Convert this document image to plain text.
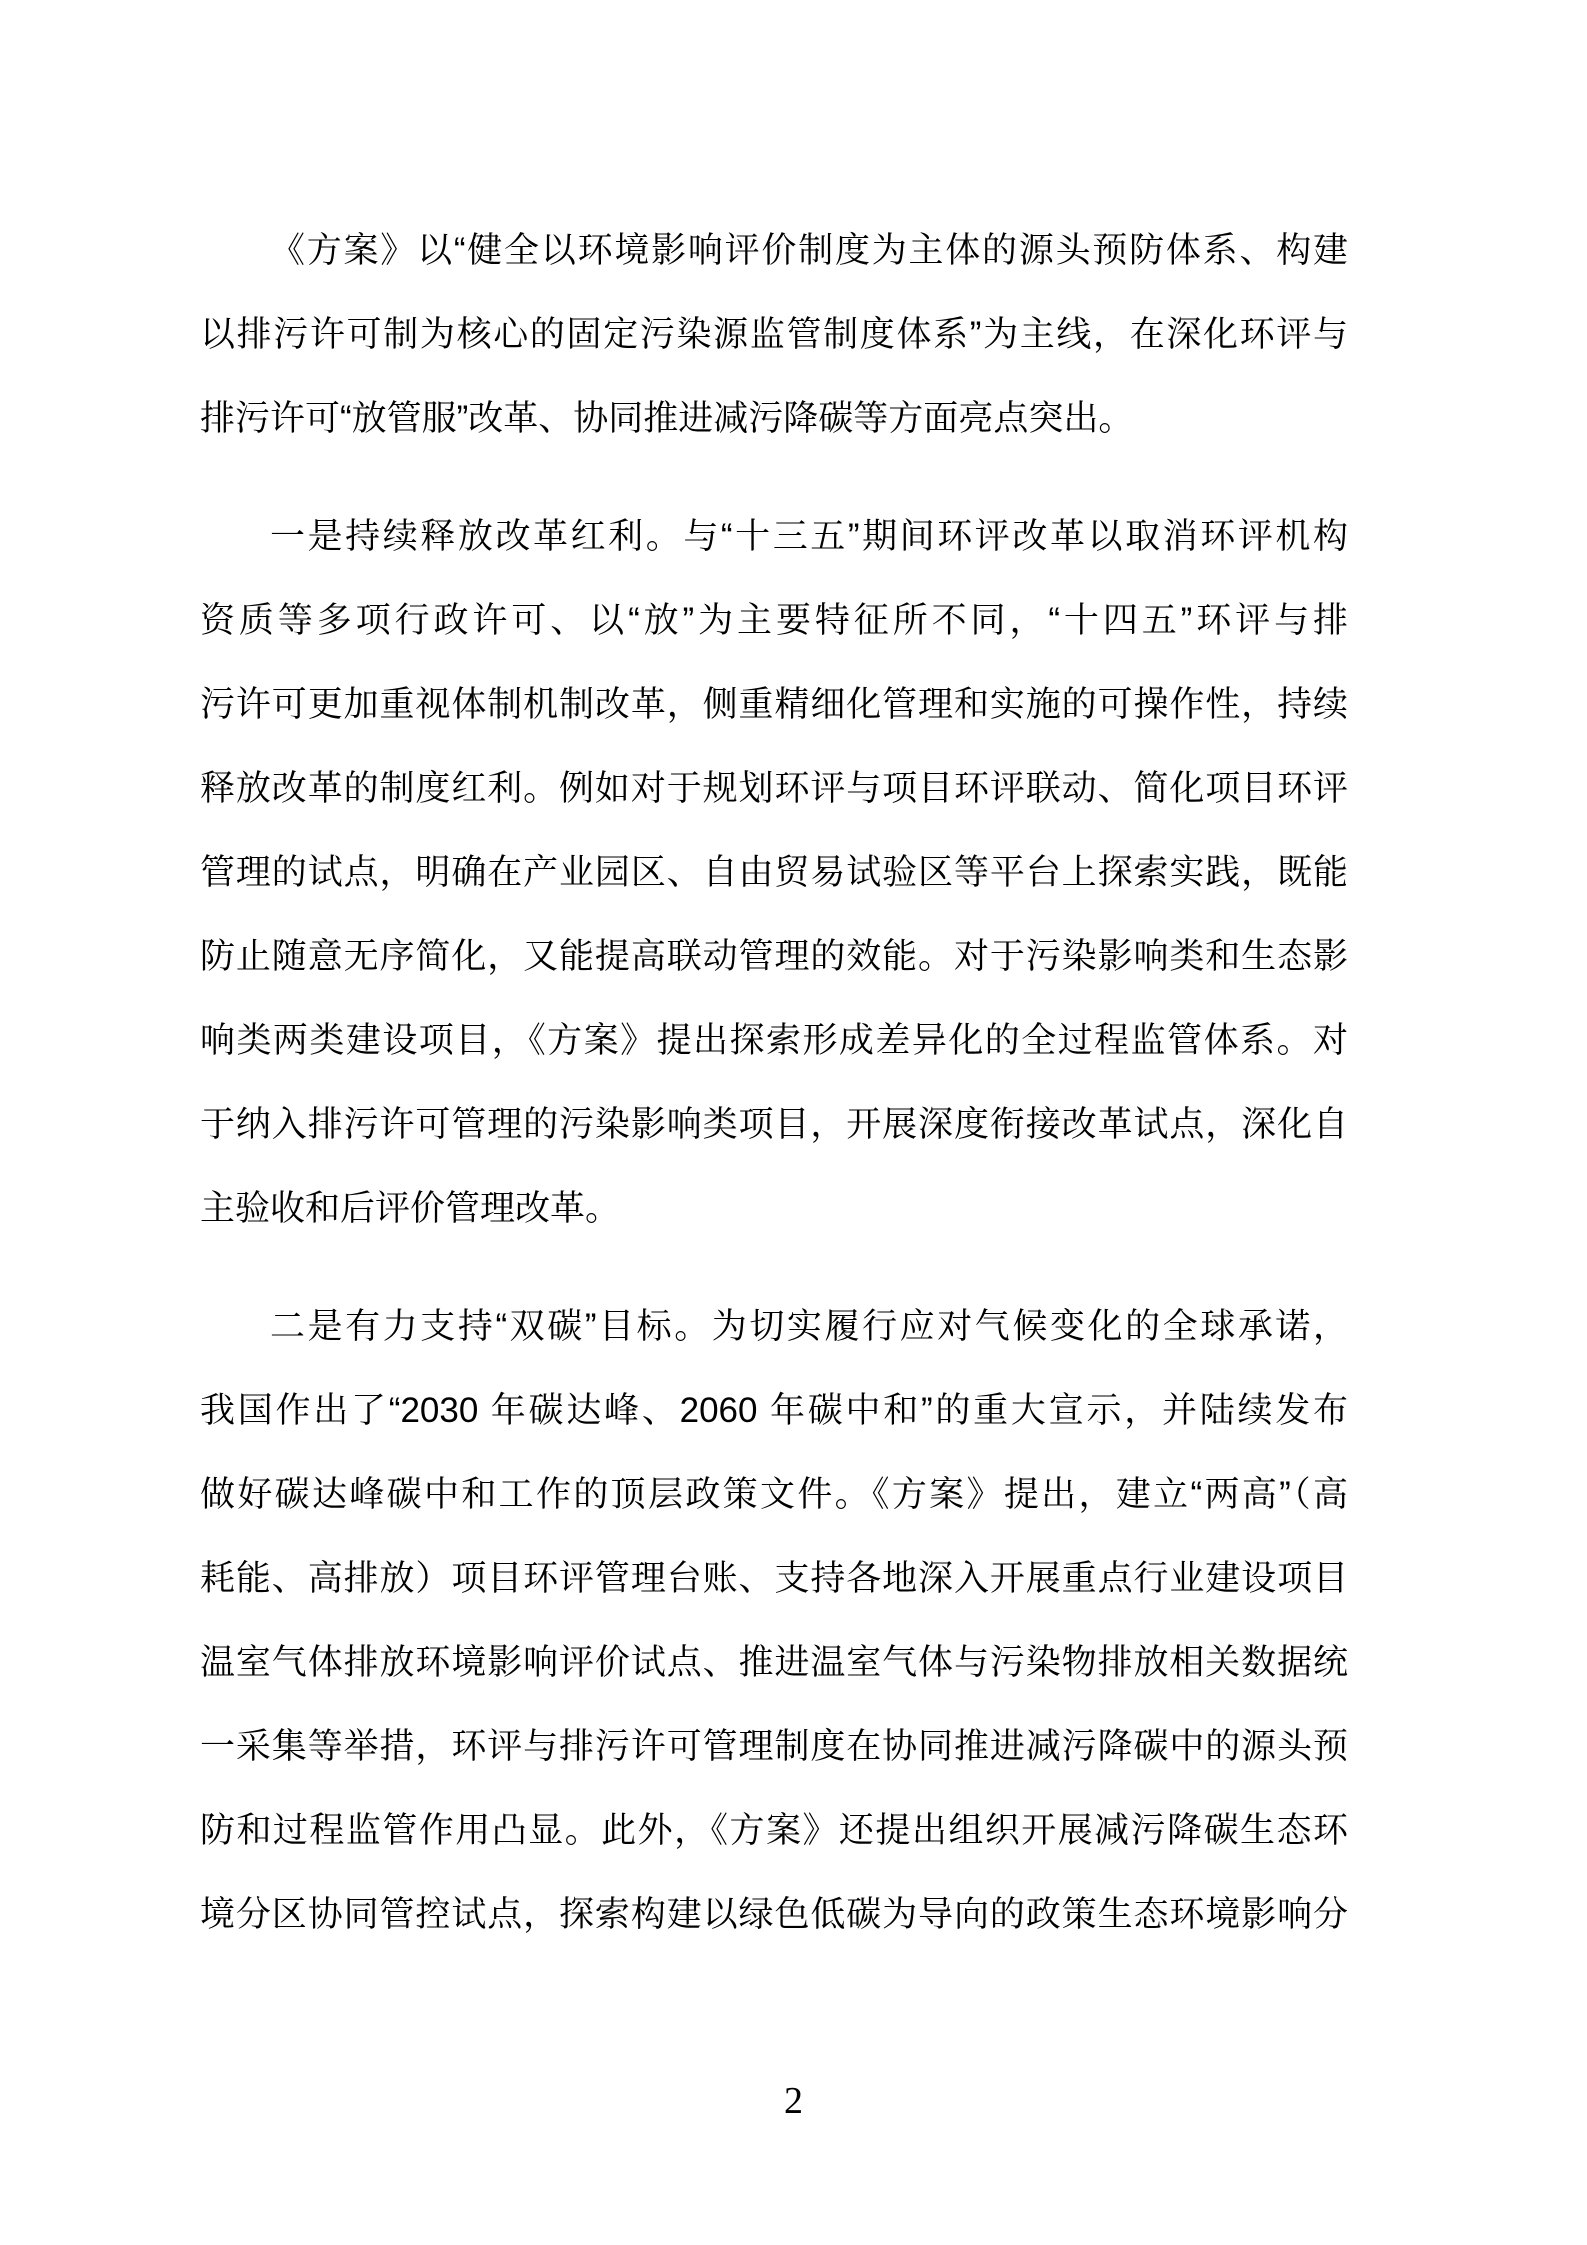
《方案》以“健全以环境影响评价制度为主体的源头预防体系、构建
以排污许可制为核心的固定污染源监管制度体系”为主线，在深化环评与
排污许可“放管服”改革、协同推进减污降碳等方面亮点突出。

一是持续释放改革红利。与“十三五”期间环评改革以取消环评机构
资质等多项行政许可、以“放”为主要特征所不同，“十四五”环评与排
污许可更加重视体制机制改革，侧重精细化管理和实施的可操作性，持续
释放改革的制度红利。例如对于规划环评与项目环评联动、简化项目环评
管理的试点，明确在产业园区、自由贸易试验区等平台上探索实践，既能
防止随意无序简化，又能提高联动管理的效能。对于污染影响类和生态影
响类两类建设项目，《方案》提出探索形成差异化的全过程监管体系。对
于纳入排污许可管理的污染影响类项目，开展深度衔接改革试点，深化自
主验收和后评价管理改革。

二是有力支持“双碳”目标。为切实履行应对气候变化的全球承诺，
我国作出了“2030 年碳达峰、2060 年碳中和”的重大宣示，并陆续发布
做好碳达峰碳中和工作的顶层政策文件。《方案》提出，建立“两高”（高
耗能、高排放）项目环评管理台账、支持各地深入开展重点行业建设项目
温室气体排放环境影响评价试点、推进温室气体与污染物排放相关数据统
一采集等举措，环评与排污许可管理制度在协同推进减污降碳中的源头预
防和过程监管作用凸显。此外，《方案》还提出组织开展减污降碳生态环
境分区协同管控试点，探索构建以绿色低碳为导向的政策生态环境影响分

2
